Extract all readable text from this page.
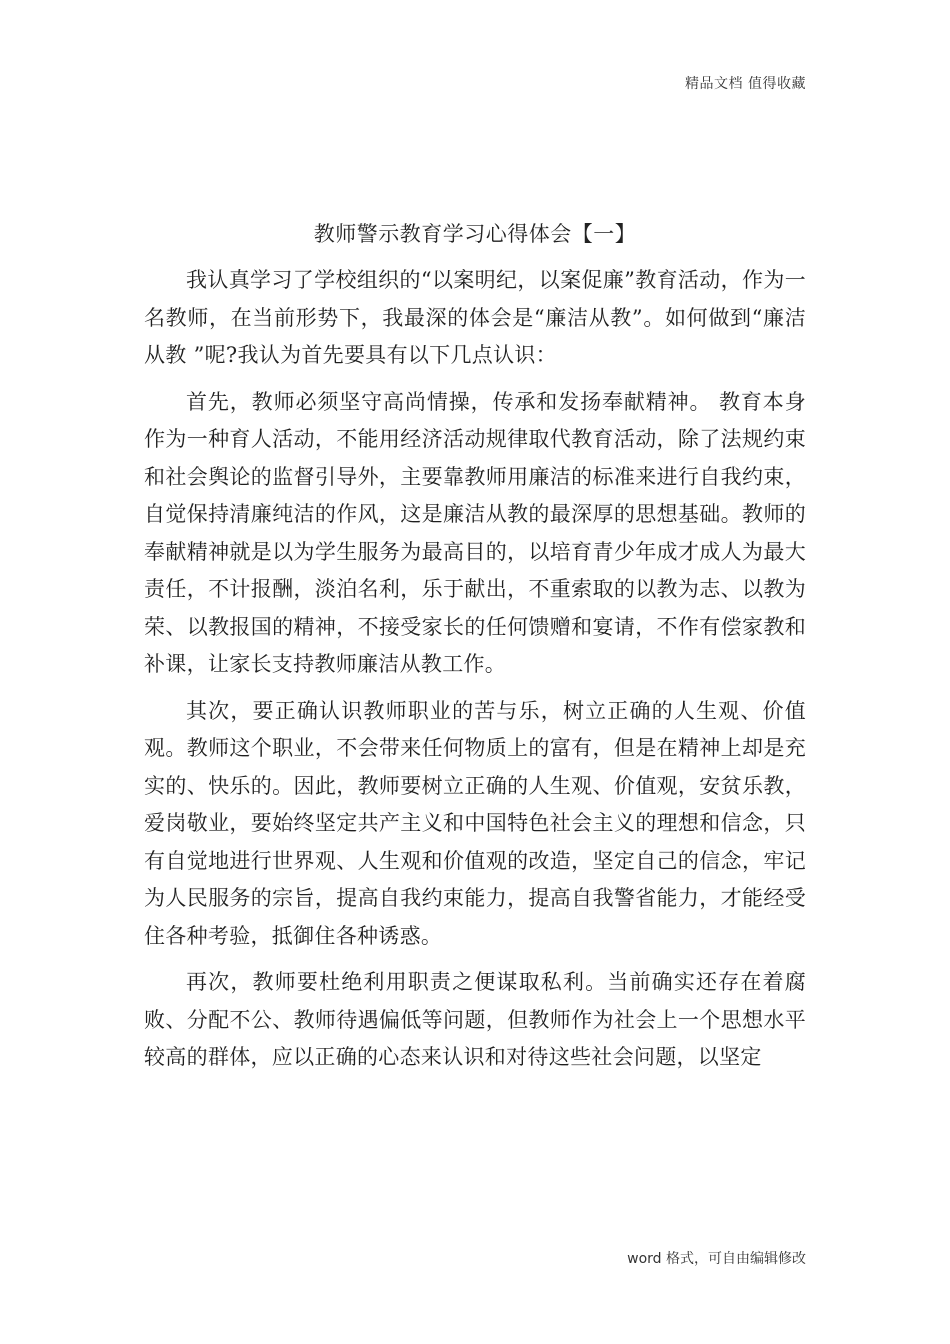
精品文档 值得收藏
教师警示教育学习心得体会【一】

我认真学习了学校组织的“以案明纪，以案促廉”教育活动，作为一名教师，在当前形势下，我最深的体会是“廉洁从教”。如何做到“廉洁从教 ”呢?我认为首先要具有以下几点认识：

首先，教师必须坚守高尚情操，传承和发扬奉献精神。 教育本身作为一种育人活动，不能用经济活动规律取代教育活动，除了法规约束和社会舆论的监督引导外，主要靠教师用廉洁的标准来进行自我约束，自觉保持清廉纯洁的作风，这是廉洁从教的最深厚的思想基础。教师的奉献精神就是以为学生服务为最高目的，以培育青少年成才成人为最大责任，不计报酬，淡泊名利，乐于献出，不重索取的以教为志、以教为荣、以教报国的精神，不接受家长的任何馈赠和宴请，不作有偿家教和补课，让家长支持教师廉洁从教工作。

其次，要正确认识教师职业的苦与乐，树立正确的人生观、价值观。教师这个职业，不会带来任何物质上的富有，但是在精神上却是充实的、快乐的。因此，教师要树立正确的人生观、价值观，安贫乐教，爱岗敬业，要始终坚定共产主义和中国特色社会主义的理想和信念，只有自觉地进行世界观、人生观和价值观的改造，坚定自己的信念，牢记为人民服务的宗旨，提高自我约束能力，提高自我警省能力，才能经受住各种考验，抵御住各种诱惑。

再次，教师要杜绝利用职责之便谋取私利。当前确实还存在着腐败、分配不公、教师待遇偏低等问题，但教师作为社会上一个思想水平较高的群体，应以正确的心态来认识和对待这些社会问题，以坚定

word 格式，可自由编辑修改
